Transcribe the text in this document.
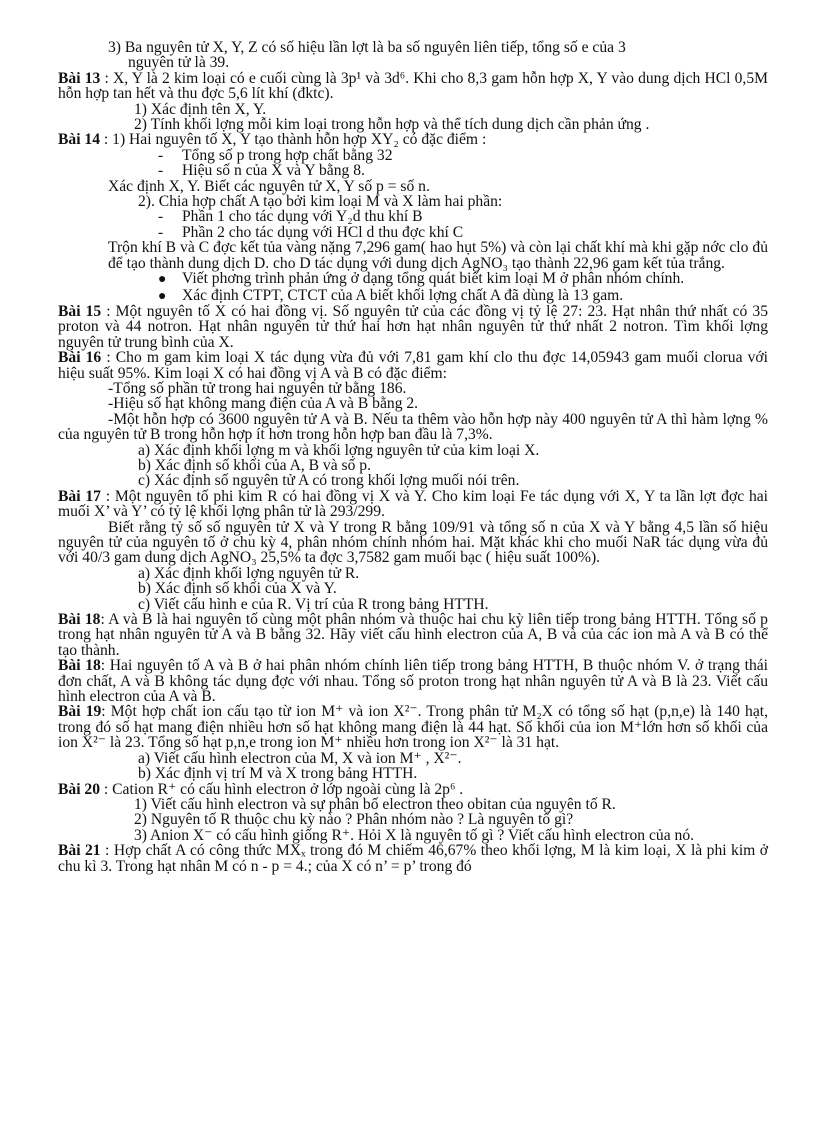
3) Ba nguyên tử X, Y, Z có số hiệu lần lợt là ba số nguyên liên tiếp, tổng số e của 3
nguyên tử là 39.

Bài 13 : X, Y là 2 kim loại có e cuối cùng là 3p¹ và 3d⁶. Khi cho 8,3 gam hỗn hợp X, Y vào dung dịch HCl 0,5M hỗn hợp tan hết và thu đợc 5,6 lít khí (đktc).

1) Xác định tên X, Y.

2) Tính khối lợng mỗi kim loại trong hỗn hợp và thể tích dung dịch cần phản ứng .

Bài 14 : 1) Hai nguyên tố X, Y tạo thành hỗn hợp XY₂ có đặc điểm :

- Tổng số p trong hợp chất bằng 32

- Hiệu số n của X và Y bằng 8.

Xác định X, Y. Biết các nguyên tử X, Y số p = số n.

2). Chia hợp chất A tạo bởi kim loại M và X làm hai phần:

- Phần 1 cho tác dụng với Y₂d thu khí B

- Phần 2 cho tác dụng với HCl d thu đợc khí C

Trộn khí B và C đợc kết tủa vàng nặng 7,296 gam( hao hụt 5%) và còn lại chất khí mà khi gặp nớc clo đủ để tạo thành dung dịch D. cho D tác dụng với dung dịch AgNO₃ tạo thành 22,96 gam kết tủa trắng.

● Viết phơng trình phản ứng ở dạng tổng quát biết kim loại M ở phân nhóm chính.

● Xác định CTPT, CTCT của A biết khối lợng chất A đã dùng là 13 gam.

Bài 15 : Một nguyên tố X có hai đồng vị. Số nguyên tử của các đồng vị tỷ lệ 27: 23. Hạt nhân thứ nhất có 35 proton và 44 notron. Hạt nhân nguyên tử thứ hai hơn hạt nhân nguyên tử thứ nhất 2 notron. Tìm khối lợng nguyên tử trung bình của X.

Bài 16 : Cho m gam kim loại X tác dụng vừa đủ với 7,81 gam khí clo thu đợc 14,05943 gam muối clorua với hiệu suất 95%. Kim loại X có hai đồng vị A và B có đặc điểm:

-Tổng số phần tử trong hai nguyên tử bằng 186.

-Hiệu số hạt không mang điện của A và B bằng 2.

-Một hỗn hợp có 3600 nguyên tử A và B. Nếu ta thêm vào hỗn hợp này 400 nguyên tử A thì hàm lợng % của nguyên tử B trong hỗn hợp ít hơn trong hỗn hợp ban đầu là 7,3%.

a) Xác định khối lợng m và khối lợng nguyên tử của kim loại X.

b) Xác định số khối của A, B và số p.

c) Xác định số nguyên tử A có trong khối lợng muối nói trên.

Bài 17 : Một nguyên tố phi kim R có hai đồng vị X và Y. Cho kim loại Fe tác dụng với X, Y ta lần lợt đợc hai muối X’ và Y’ có tỷ lệ khối lợng phân tử là 293/299.

Biết rằng tỷ số số nguyên tử X và Y trong R bằng 109/91 và tổng số n của X và Y bằng 4,5 lần số hiệu nguyên tử của nguyên tố ở chu kỳ 4, phân nhóm chính nhóm hai. Mặt khác khi cho muối NaR tác dụng vừa đủ với 40/3 gam dung dịch AgNO₃ 25,5% ta đợc 3,7582 gam muối bạc ( hiệu suất 100%).

a) Xác định khối lợng nguyên tử R.

b) Xác định số khối của X và Y.

c) Viết cấu hình e của R. Vị trí của R trong bảng HTTH.

Bài 18: A và B là hai nguyên tố cùng một phân nhóm và thuộc hai chu kỳ liên tiếp trong bảng HTTH. Tổng số p trong hạt nhân nguyên tử A và B bằng 32. Hãy viết cấu hình electron của A, B và của các ion mà A và B có thể tạo thành.

Bài 18: Hai nguyên tố A và B ở hai phân nhóm chính liên tiếp trong bảng HTTH, B thuộc nhóm V. ở trạng thái đơn chất, A và B không tác dụng đợc với nhau. Tổng số proton trong hạt nhân nguyên tử A và B là 23. Viết cấu hình electron của A và B.

Bài 19: Một hợp chất ion cấu tạo từ ion M⁺ và ion X²⁻. Trong phân tử M₂X có tổng số hạt (p,n,e) là 140 hạt, trong đó số hạt mang điện nhiều hơn số hạt không mang điện là 44 hạt. Số khối của ion M⁺lớn hơn số khối của ion X²⁻ là 23. Tổng số hạt p,n,e trong ion M⁺ nhiều hơn trong ion X²⁻ là 31 hạt.

a) Viết cấu hình electron của M, X và ion M⁺ , X²⁻.

b) Xác định vị trí M và X trong bảng HTTH.

Bài 20 : Cation R⁺ có cấu hình electron ở lớp ngoài cùng là 2p⁶ .

1) Viết cấu hình electron và sự phân bố electron theo obitan của nguyên tố R.

2) Nguyên tố R thuộc chu kỳ nào ? Phân nhóm nào ? Là nguyên tố gì?

3) Anion X⁻ có cấu hình giống R⁺. Hỏi X là nguyên tố gì ? Viết cấu hình electron của nó.

Bài 21 : Hợp chất A có công thức MXₓ trong đó M chiếm 46,67% theo khối lợng, M là kim loại, X là phi kim ở chu kì 3. Trong hạt nhân M có n - p = 4.; của X có n’ = p’ trong đó
